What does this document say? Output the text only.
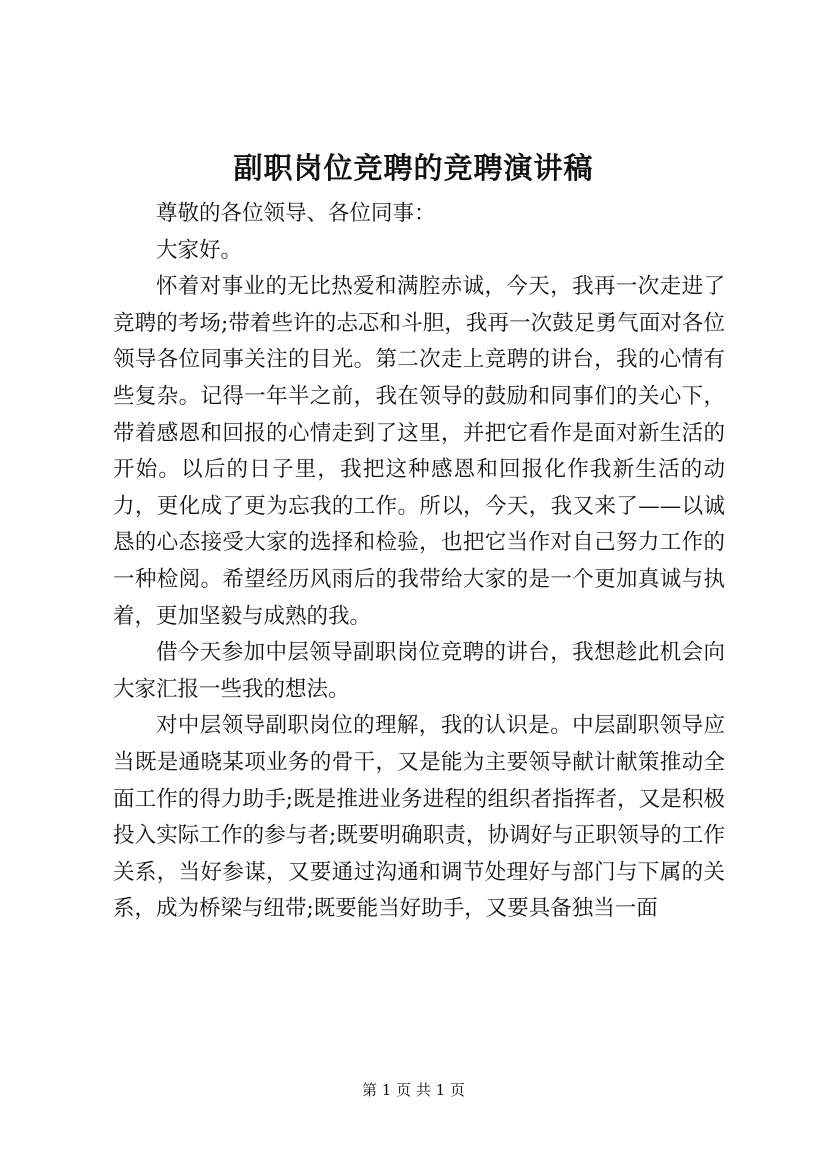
副职岗位竞聘的竞聘演讲稿

尊敬的各位领导、各位同事：

大家好。

怀着对事业的无比热爱和满腔赤诚，今天，我再一次走进了竞聘的考场;带着些许的忐忑和斗胆，我再一次鼓足勇气面对各位领导各位同事关注的目光。第二次走上竞聘的讲台，我的心情有些复杂。记得一年半之前，我在领导的鼓励和同事们的关心下，带着感恩和回报的心情走到了这里，并把它看作是面对新生活的开始。以后的日子里，我把这种感恩和回报化作我新生活的动力，更化成了更为忘我的工作。所以，今天，我又来了——以诚恳的心态接受大家的选择和检验，也把它当作对自己努力工作的一种检阅。希望经历风雨后的我带给大家的是一个更加真诚与执着，更加坚毅与成熟的我。

借今天参加中层领导副职岗位竞聘的讲台，我想趁此机会向大家汇报一些我的想法。

对中层领导副职岗位的理解，我的认识是。中层副职领导应当既是通晓某项业务的骨干，又是能为主要领导献计献策推动全面工作的得力助手;既是推进业务进程的组织者指挥者，又是积极投入实际工作的参与者;既要明确职责，协调好与正职领导的工作关系，当好参谋，又要通过沟通和调节处理好与部门与下属的关系，成为桥梁与纽带;既要能当好助手，又要具备独当一面

第 1 页 共 1 页
